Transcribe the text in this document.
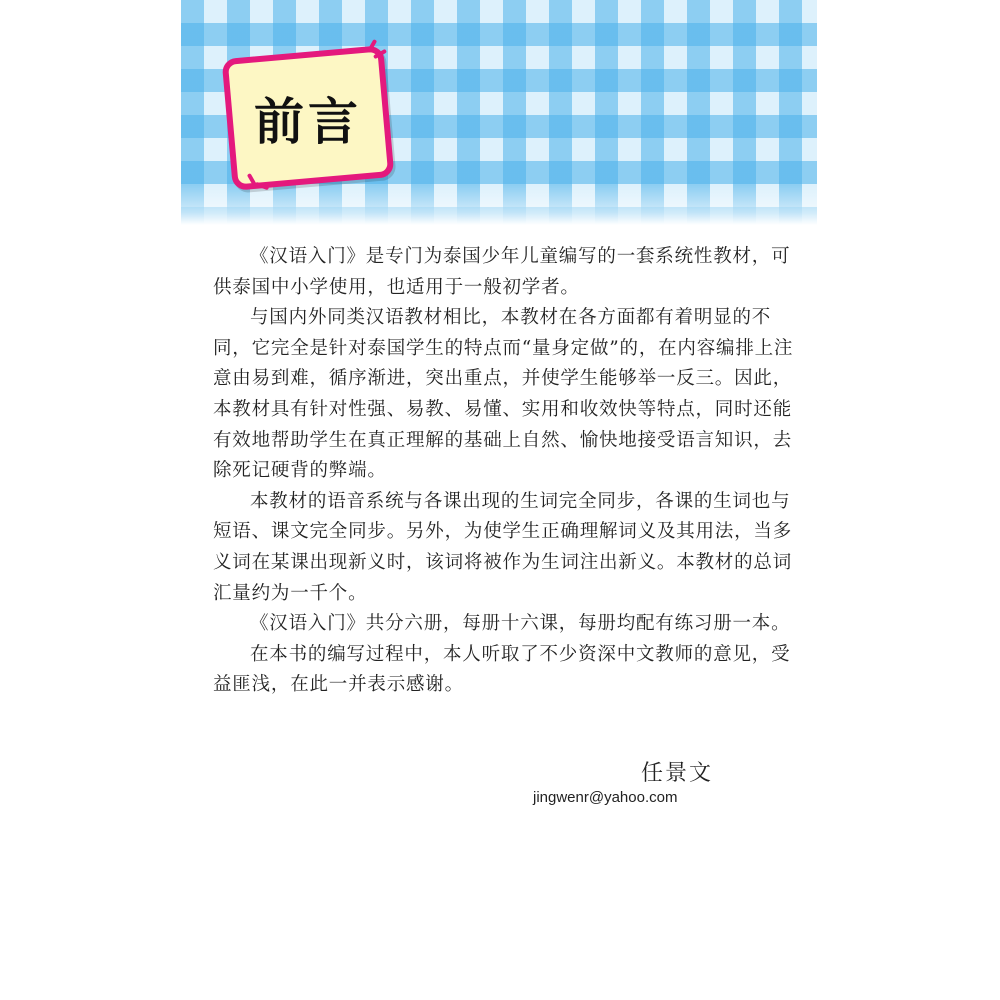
前言

《汉语入门》是专门为泰国少年儿童编写的一套系统性教材，可供泰国中小学使用，也适用于一般初学者。

与国内外同类汉语教材相比，本教材在各方面都有着明显的不同，它完全是针对泰国学生的特点而“量身定做”的，在内容编排上注意由易到难，循序渐进，突出重点，并使学生能够举一反三。因此，本教材具有针对性强、易教、易懂、实用和收效快等特点，同时还能有效地帮助学生在真正理解的基础上自然、愉快地接受语言知识，去除死记硬背的弊端。

本教材的语音系统与各课出现的生词完全同步，各课的生词也与短语、课文完全同步。另外，为使学生正确理解词义及其用法，当多义词在某课出现新义时，该词将被作为生词注出新义。本教材的总词汇量约为一千个。

《汉语入门》共分六册，每册十六课，每册均配有练习册一本。

在本书的编写过程中，本人听取了不少资深中文教师的意见，受益匪浅，在此一并表示感谢。

任景文
jingwenr@yahoo.com
